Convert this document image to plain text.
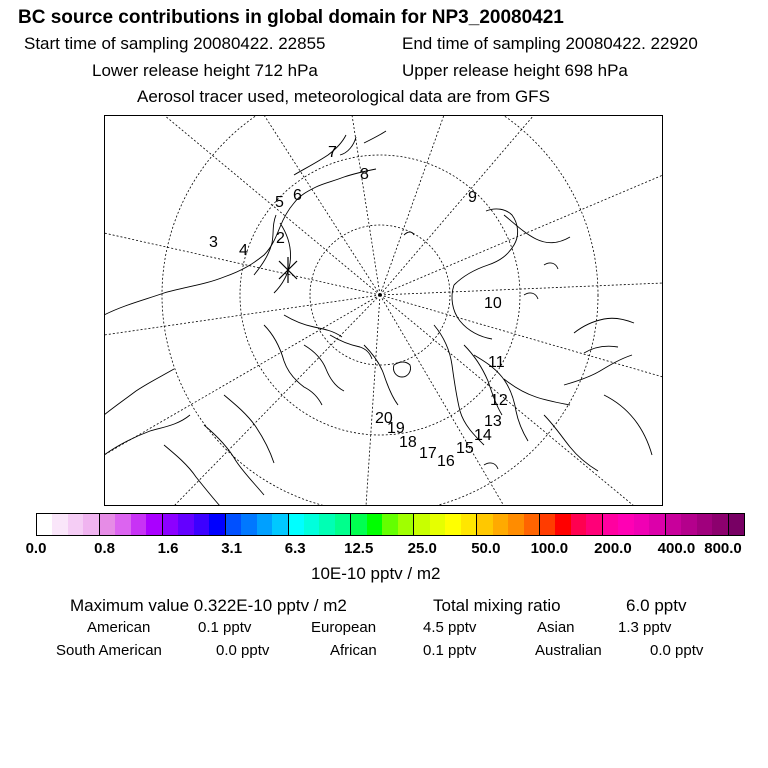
BC source contributions in global domain for NP3_20080421
Start time of sampling 20080422. 22855	End time of sampling 20080422. 22920
Lower release height 712 hPa	Upper release height 698 hPa
Aerosol tracer used, meteorological data are from GFS
2
3 4
5 6
7
8
9
10
11
12
13
14
15
16
17
18
19
20
0.0	0.8	1.6	3.1	6.3	12.5 25.0 50.0 100.0 200.0 400.0 800.0
10E-10 pptv / m2
Maximum value 0.322E-10 pptv / m2	Total mixing ratio	6.0 pptv
American	0.1 pptv	European	4.5 pptv	Asian	1.3 pptv
South American	0.0 pptv	African	0.1 pptv	Australian	0.0 pptv
